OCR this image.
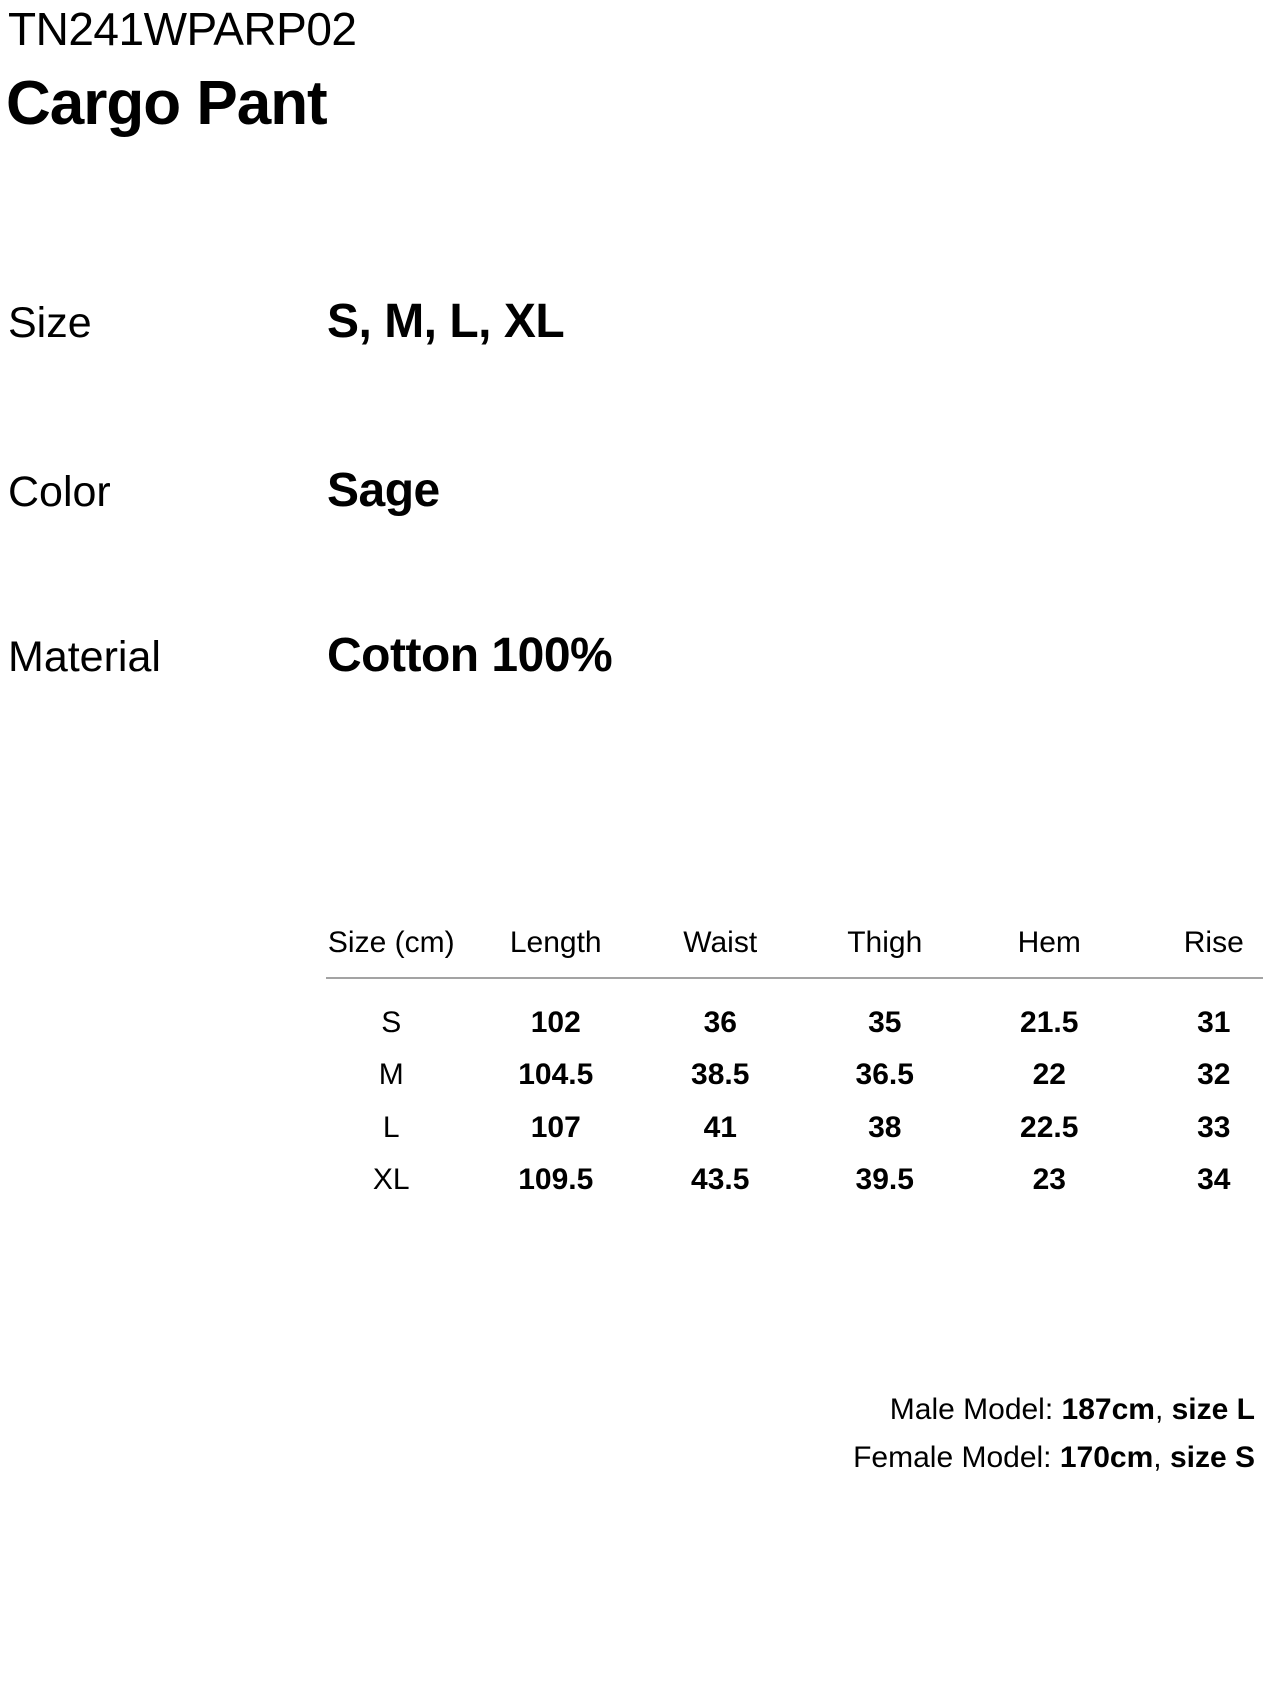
TN241WPARP02
Cargo Pant
Size	S, M, L, XL
Color	Sage
Material	Cotton 100%
Size (cm)	Length	Waist	Thigh	Hem	Rise
S	102	36	35	21.5	31
M	104.5	38.5	36.5	22	32
L	107	41	38	22.5	33
XL	109.5	43.5	39.5	23	34
Male Model: 187cm, size L
Female Model: 170cm, size S
